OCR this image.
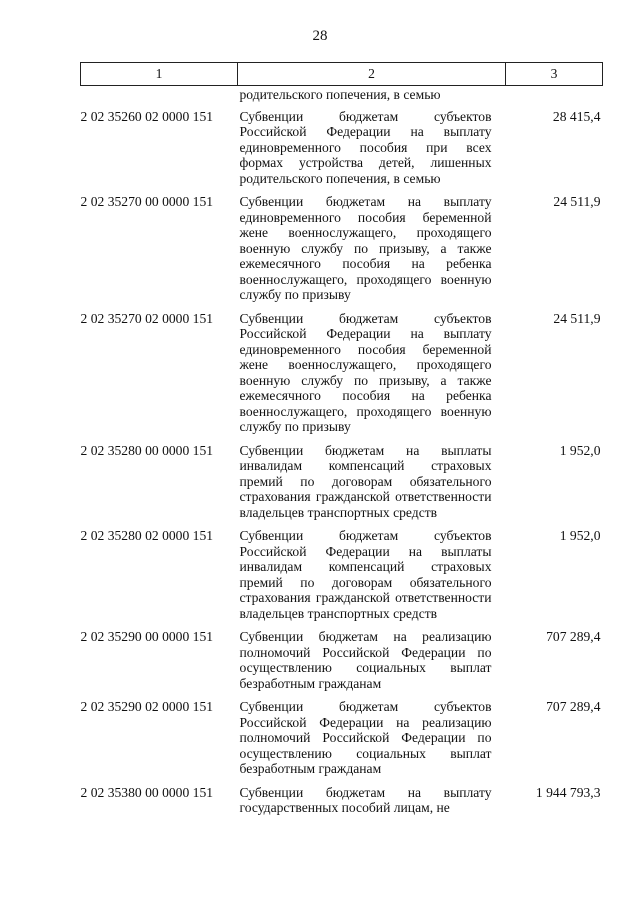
28
1	2	3
	родительского попечения, в семью	
2 02 35260 02 0000 151	Субвенции бюджетам субъектов Российской Федерации на выплату единовременного пособия при всех формах устройства детей, лишенных родительского попечения, в семью	28 415,4
2 02 35270 00 0000 151	Субвенции бюджетам на выплату единовременного пособия беременной жене военнослужащего, проходящего военную службу по призыву, а также ежемесячного пособия на ребенка военнослужащего, проходящего военную службу по призыву	24 511,9
2 02 35270 02 0000 151	Субвенции бюджетам субъектов Российской Федерации на выплату единовременного пособия беременной жене военнослужащего, проходящего военную службу по призыву, а также ежемесячного пособия на ребенка военнослужащего, проходящего военную службу по призыву	24 511,9
2 02 35280 00 0000 151	Субвенции бюджетам на выплаты инвалидам компенсаций страховых премий по договорам обязательного страхования гражданской ответственности владельцев транспортных средств	1 952,0
2 02 35280 02 0000 151	Субвенции бюджетам субъектов Российской Федерации на выплаты инвалидам компенсаций страховых премий по договорам обязательного страхования гражданской ответственности владельцев транспортных средств	1 952,0
2 02 35290 00 0000 151	Субвенции бюджетам на реализацию полномочий Российской Федерации по осуществлению социальных выплат безработным гражданам	707 289,4
2 02 35290 02 0000 151	Субвенции бюджетам субъектов Российской Федерации на реализацию полномочий Российской Федерации по осуществлению социальных выплат безработным гражданам	707 289,4
2 02 35380 00 0000 151	Субвенции бюджетам на выплату государственных пособий лицам, не	1 944 793,3
